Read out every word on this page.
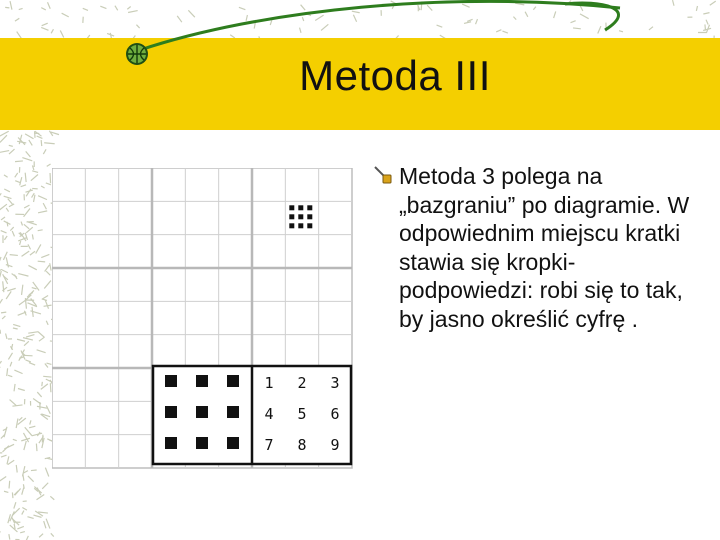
Metoda III
Metoda 3 polega na „bazgraniu” po diagramie. W odpowiednim miejscu kratki stawia się kropki-podpowiedzi: robi się to tak, by jasno określić cyfrę .
1 2 3
4 5 6
7 8 9
